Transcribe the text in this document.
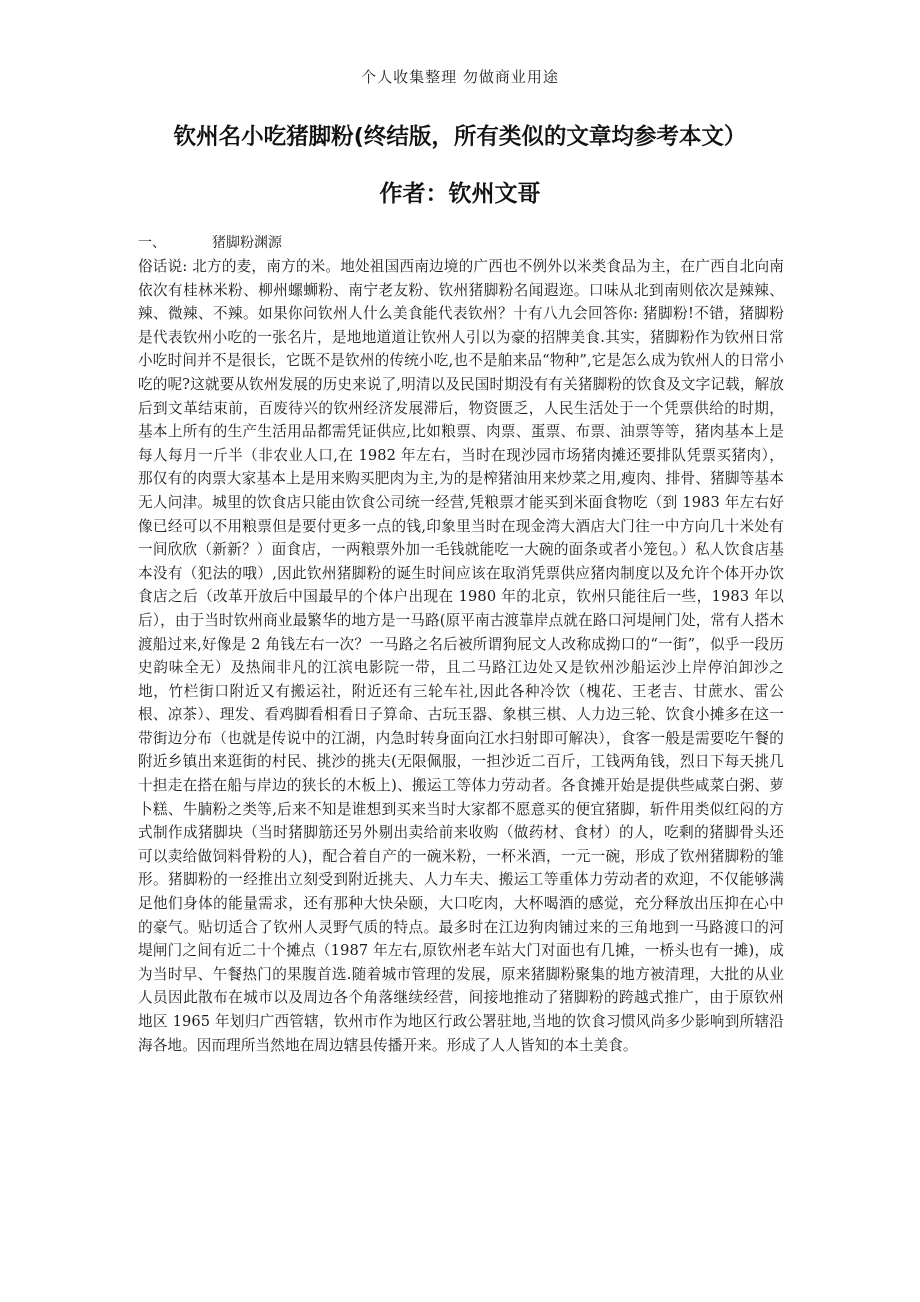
个人收集整理 勿做商业用途
钦州名小吃猪脚粉(终结版，所有类似的文章均参考本文）
作者：钦州文哥
一、	猪脚粉渊源
俗话说: 北方的麦，南方的米。地处祖国西南边境的广西也不例外以米类食品为主，在广西自北向南依次有桂林米粉、柳州螺蛳粉、南宁老友粉、钦州猪脚粉名闻遐迩。口味从北到南则依次是辣辣、辣、微辣、不辣。如果你问钦州人什么美食能代表钦州？十有八九会回答你: 猪脚粉!不错，猪脚粉是代表钦州小吃的一张名片，是地地道道让钦州人引以为豪的招牌美食.其实，猪脚粉作为钦州日常小吃时间并不是很长，它既不是钦州的传统小吃,也不是舶来品“物种”,它是怎么成为钦州人的日常小吃的呢?这就要从钦州发展的历史来说了,明清以及民国时期没有有关猪脚粉的饮食及文字记载，解放后到文革结束前，百废待兴的钦州经济发展滞后，物资匮乏，人民生活处于一个凭票供给的时期，基本上所有的生产生活用品都需凭证供应,比如粮票、肉票、蛋票、布票、油票等等，猪肉基本上是每人每月一斤半（非农业人口,在 1982 年左右，当时在现沙园市场猪肉摊还要排队凭票买猪肉），那仅有的肉票大家基本上是用来购买肥肉为主,为的是榨猪油用来炒菜之用,瘦肉、排骨、猪脚等基本无人问津。城里的饮食店只能由饮食公司统一经营,凭粮票才能买到米面食物吃（到 1983 年左右好像已经可以不用粮票但是要付更多一点的钱,印象里当时在现金湾大酒店大门往一中方向几十米处有一间欣欣（新新？）面食店，一两粮票外加一毛钱就能吃一大碗的面条或者小笼包。）私人饮食店基本没有（犯法的哦）,因此钦州猪脚粉的诞生时间应该在取消凭票供应猪肉制度以及允许个体开办饮食店之后（改革开放后中国最早的个体户出现在 1980 年的北京，钦州只能往后一些，1983 年以后），由于当时钦州商业最繁华的地方是一马路(原平南古渡靠岸点就在路口河堤闸门处，常有人搭木渡船过来,好像是 2 角钱左右一次？一马路之名后被所谓狗屁文人改称成拗口的“一街”，似乎一段历史韵味全无）及热闹非凡的江滨电影院一带，且二马路江边处又是钦州沙船运沙上岸停泊卸沙之地，竹栏街口附近又有搬运社，附近还有三轮车社,因此各种冷饮（槐花、王老吉、甘蔗水、雷公根、凉茶）、理发、看鸡脚看相看日子算命、古玩玉器、象棋三棋、人力边三轮、饮食小摊多在这一带街边分布（也就是传说中的江湖，内急时转身面向江水扫射即可解决），食客一般是需要吃午餐的附近乡镇出来逛街的村民、挑沙的挑夫(无限佩服，一担沙近二百斤，工钱两角钱，烈日下每天挑几十担走在搭在船与岸边的狭长的木板上)、搬运工等体力劳动者。各食摊开始是提供些咸菜白粥、萝卜糕、牛腩粉之类等,后来不知是谁想到买来当时大家都不愿意买的便宜猪脚，斩件用类似红闷的方式制作成猪脚块（当时猪脚筋还另外剔出卖给前来收购（做药材、食材）的人，吃剩的猪脚骨头还可以卖给做饲料骨粉的人)，配合着自产的一碗米粉，一杯米酒，一元一碗，形成了钦州猪脚粉的雏形。猪脚粉的一经推出立刻受到附近挑夫、人力车夫、搬运工等重体力劳动者的欢迎，不仅能够满足他们身体的能量需求，还有那种大快朵颐，大口吃肉，大杯喝酒的感觉，充分释放出压抑在心中的豪气。贴切适合了钦州人灵野气质的特点。最多时在江边狗肉铺过来的三角地到一马路渡口的河堤闸门之间有近二十个摊点（1987 年左右,原钦州老车站大门对面也有几摊，一桥头也有一摊)，成为当时早、午餐热门的果腹首选.随着城市管理的发展，原来猪脚粉聚集的地方被清理，大批的从业人员因此散布在城市以及周边各个角落继续经营，间接地推动了猪脚粉的跨越式推广，由于原钦州地区 1965 年划归广西管辖，钦州市作为地区行政公署驻地,当地的饮食习惯风尚多少影响到所辖沿海各地。因而理所当然地在周边辖县传播开来。形成了人人皆知的本土美食。
